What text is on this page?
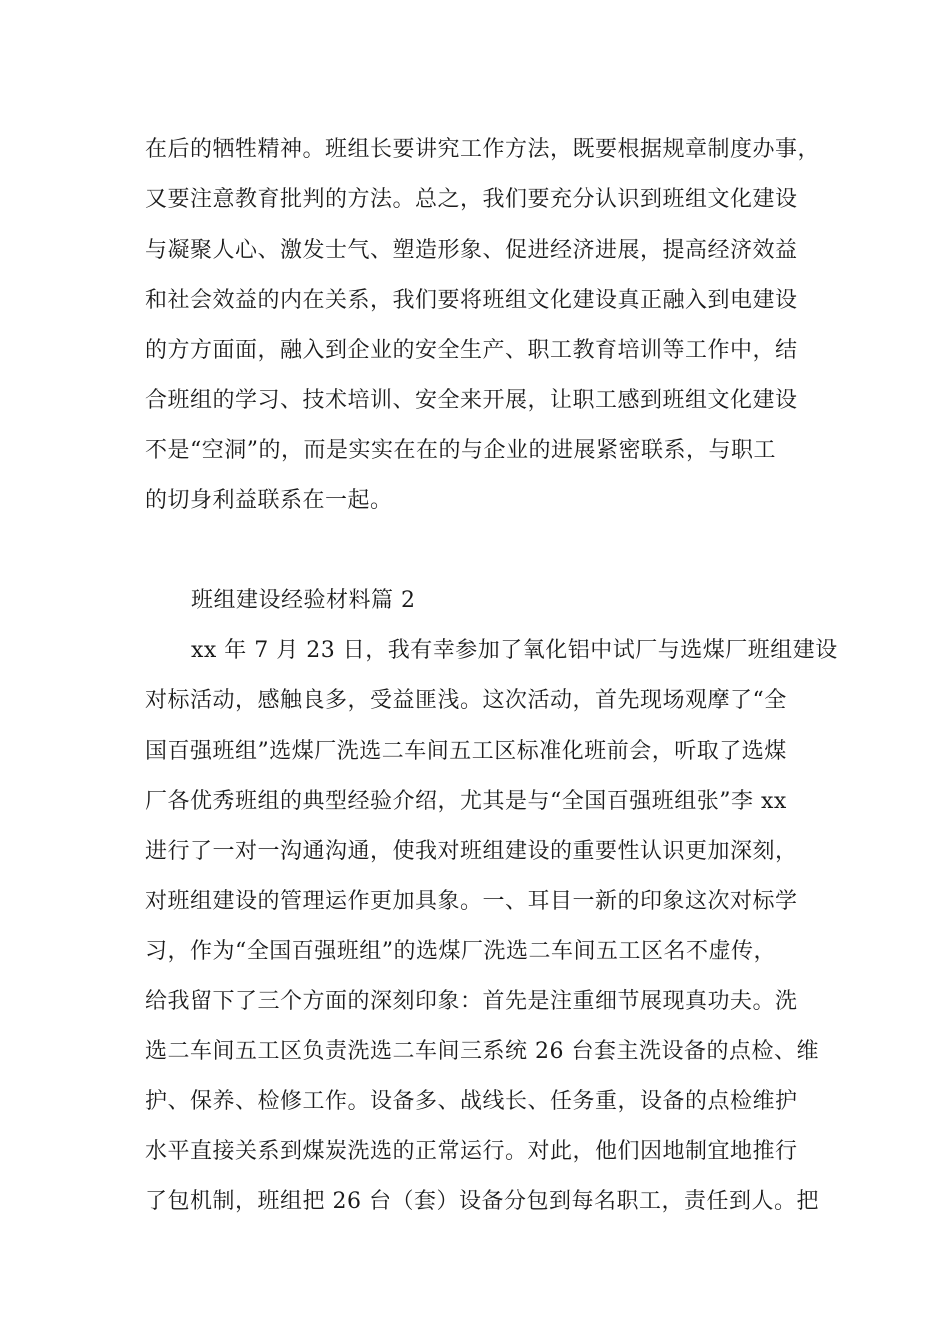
在后的牺牲精神。班组长要讲究工作方法，既要根据规章制度办事，
又要注意教育批判的方法。总之，我们要充分认识到班组文化建设
与凝聚人心、激发士气、塑造形象、促进经济进展，提高经济效益
和社会效益的内在关系，我们要将班组文化建设真正融入到电建设
的方方面面，融入到企业的安全生产、职工教育培训等工作中，结
合班组的学习、技术培训、安全来开展，让职工感到班组文化建设
不是“空洞”的，而是实实在在的与企业的进展紧密联系，与职工
的切身利益联系在一起。
班组建设经验材料篇 2
xx 年 7 月 23 日，我有幸参加了氧化铝中试厂与选煤厂班组建设
对标活动，感触良多，受益匪浅。这次活动，首先现场观摩了“全
国百强班组”选煤厂洗选二车间五工区标准化班前会，听取了选煤
厂各优秀班组的典型经验介绍，尤其是与“全国百强班组张”李 xx
进行了一对一沟通沟通，使我对班组建设的重要性认识更加深刻，
对班组建设的管理运作更加具象。一、耳目一新的印象这次对标学
习，作为“全国百强班组”的选煤厂洗选二车间五工区名不虚传，
给我留下了三个方面的深刻印象：首先是注重细节展现真功夫。洗
选二车间五工区负责洗选二车间三系统 26 台套主洗设备的点检、维
护、保养、检修工作。设备多、战线长、任务重，设备的点检维护
水平直接关系到煤炭洗选的正常运行。对此，他们因地制宜地推行
了包机制，班组把 26 台（套）设备分包到每名职工，责任到人。把
